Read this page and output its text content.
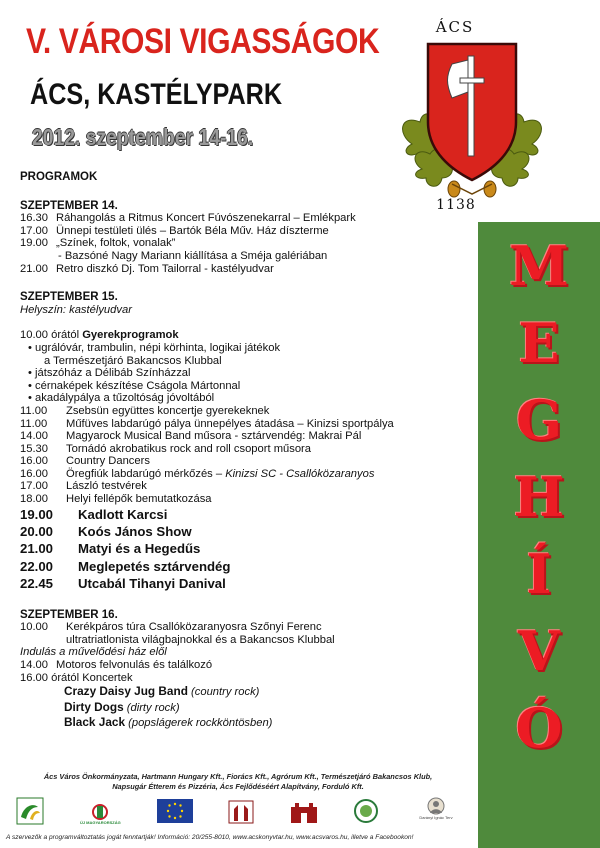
M
E
G
H
Í
V
Ó
V. VÁROSI VIGASSÁGOK
ÁCS, KASTÉLYPARK
2012. szeptember 14-16.
ÁCS
1138
PROGRAMOK
SZEPTEMBER 14.
16.30 Ráhangolás a Ritmus Koncert Fúvószenekarral – Emlékpark
17.00 Ünnepi testületi ülés – Bartók Béla Műv. Ház díszterme
19.00 „Színek, foltok, vonalak”
- Bazsóné Nagy Mariann kiállítása a Sméja galériában
21.00 Retro diszkó Dj. Tom Tailorral - kastélyudvar
SZEPTEMBER 15.
Helyszín: kastélyudvar
10.00 órától Gyerekprogramok
• ugrálóvár, trambulin, népi körhinta, logikai játékok
a Természetjáró Bakancsos Klubbal
• játszóház a Délibáb Színházzal
• cérnaképek készítése Cságola Mártonnal
• akadálypálya a tűzoltóság jóvoltából
11.00 Zsebsün együttes koncertje gyerekeknek
11.00 Műfüves labdarúgó pálya ünnepélyes átadása – Kinizsi sportpálya
14.00 Magyarock Musical Band műsora - sztárvendég: Makrai Pál
15.30 Tornádó akrobatikus rock and roll csoport műsora
16.00 Country Dancers
16.00 Öregfiúk labdarúgó mérkőzés – Kinizsi SC - Csallóközaranyos
17.00 László testvérek
18.00 Helyi fellépők bemutatkozása
19.00 Kadlott Karcsi
20.00 Koós János Show
21.00 Matyi és a Hegedűs
22.00 Meglepetés sztárvendég
22.45 Utcabál Tihanyi Danival
SZEPTEMBER 16.
10.00 Kerékpáros túra Csallóközaranyosra Szőnyi Ferenc
ultratriatlonista világbajnokkal és a Bakancsos Klubbal
Indulás a művelődési ház elől
14.00 Motoros felvonulás és találkozó
16.00 órától Koncertek
Crazy Daisy Jug Band (country rock)
Dirty Dogs (dirty rock)
Black Jack (popslágerek rockköntösben)
Ács Város Önkormányzata, Hartmann Hungary Kft., Fiorács Kft., Agrórum Kft., Természetjáró Bakancsos Klub,
Napsugár Étterem és Pizzéria, Ács Fejlődéséért Alapítvány, Forduló Kft.
ÚJ MAGYARORSZÁG
Darányi Ignác Terv
A szervezők a programváltoztatás jogát fenntartják! Információ: 20/255-8010, www.acskonyvtar.hu, www.acsvaros.hu, illetve a Facebookon!
